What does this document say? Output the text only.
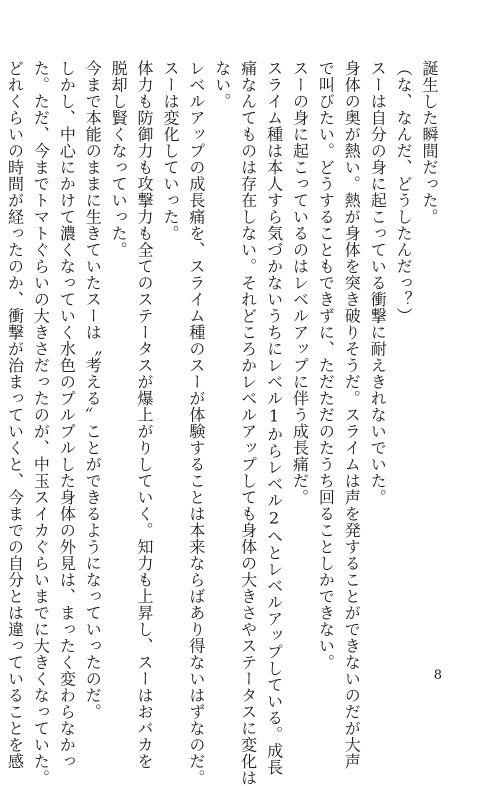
誕生した瞬間だった。
（な、なんだ、どうしたんだっ？）
スーは自分の身に起こっている衝撃に耐えきれないでいた。
身体の奥が熱い。熱が身体を突き破りそうだ。スライムは声を発することができないのだが大声
で叫びたい。どうすることもできずに、ただただのたうち回ることしかできない。
スーの身に起こっているのはレベルアップに伴う成長痛だ。
スライム種は本人すら気づかないうちにレベル1からレベル2へとレベルアップしている。成長
痛なんてものは存在しない。それどころかレベルアップしても身体の大きさやステータスに変化は
ない。
レベルアップの成長痛を、スライム種のスーが体験することは本来ならばあり得ないはずなのだ。
スーは変化していった。
体力も防御力も攻撃力も全てのステータスが爆上がりしていく。知力も上昇し、スーはおバカを
脱却し賢くなっていった。
今まで本能のままに生きていたスーは〝考える〟ことができるようになっていったのだ。
しかし、中心にかけて濃くなっていく水色のプルプルした身体の外見は、まったく変わらなかっ
た。ただ、今までトマトぐらいの大きさだったのが、中玉スイカぐらいまでに大きくなっていた。
どれくらいの時間が経ったのか、衝撃が治まっていくと、今までの自分とは違っていることを感	8
